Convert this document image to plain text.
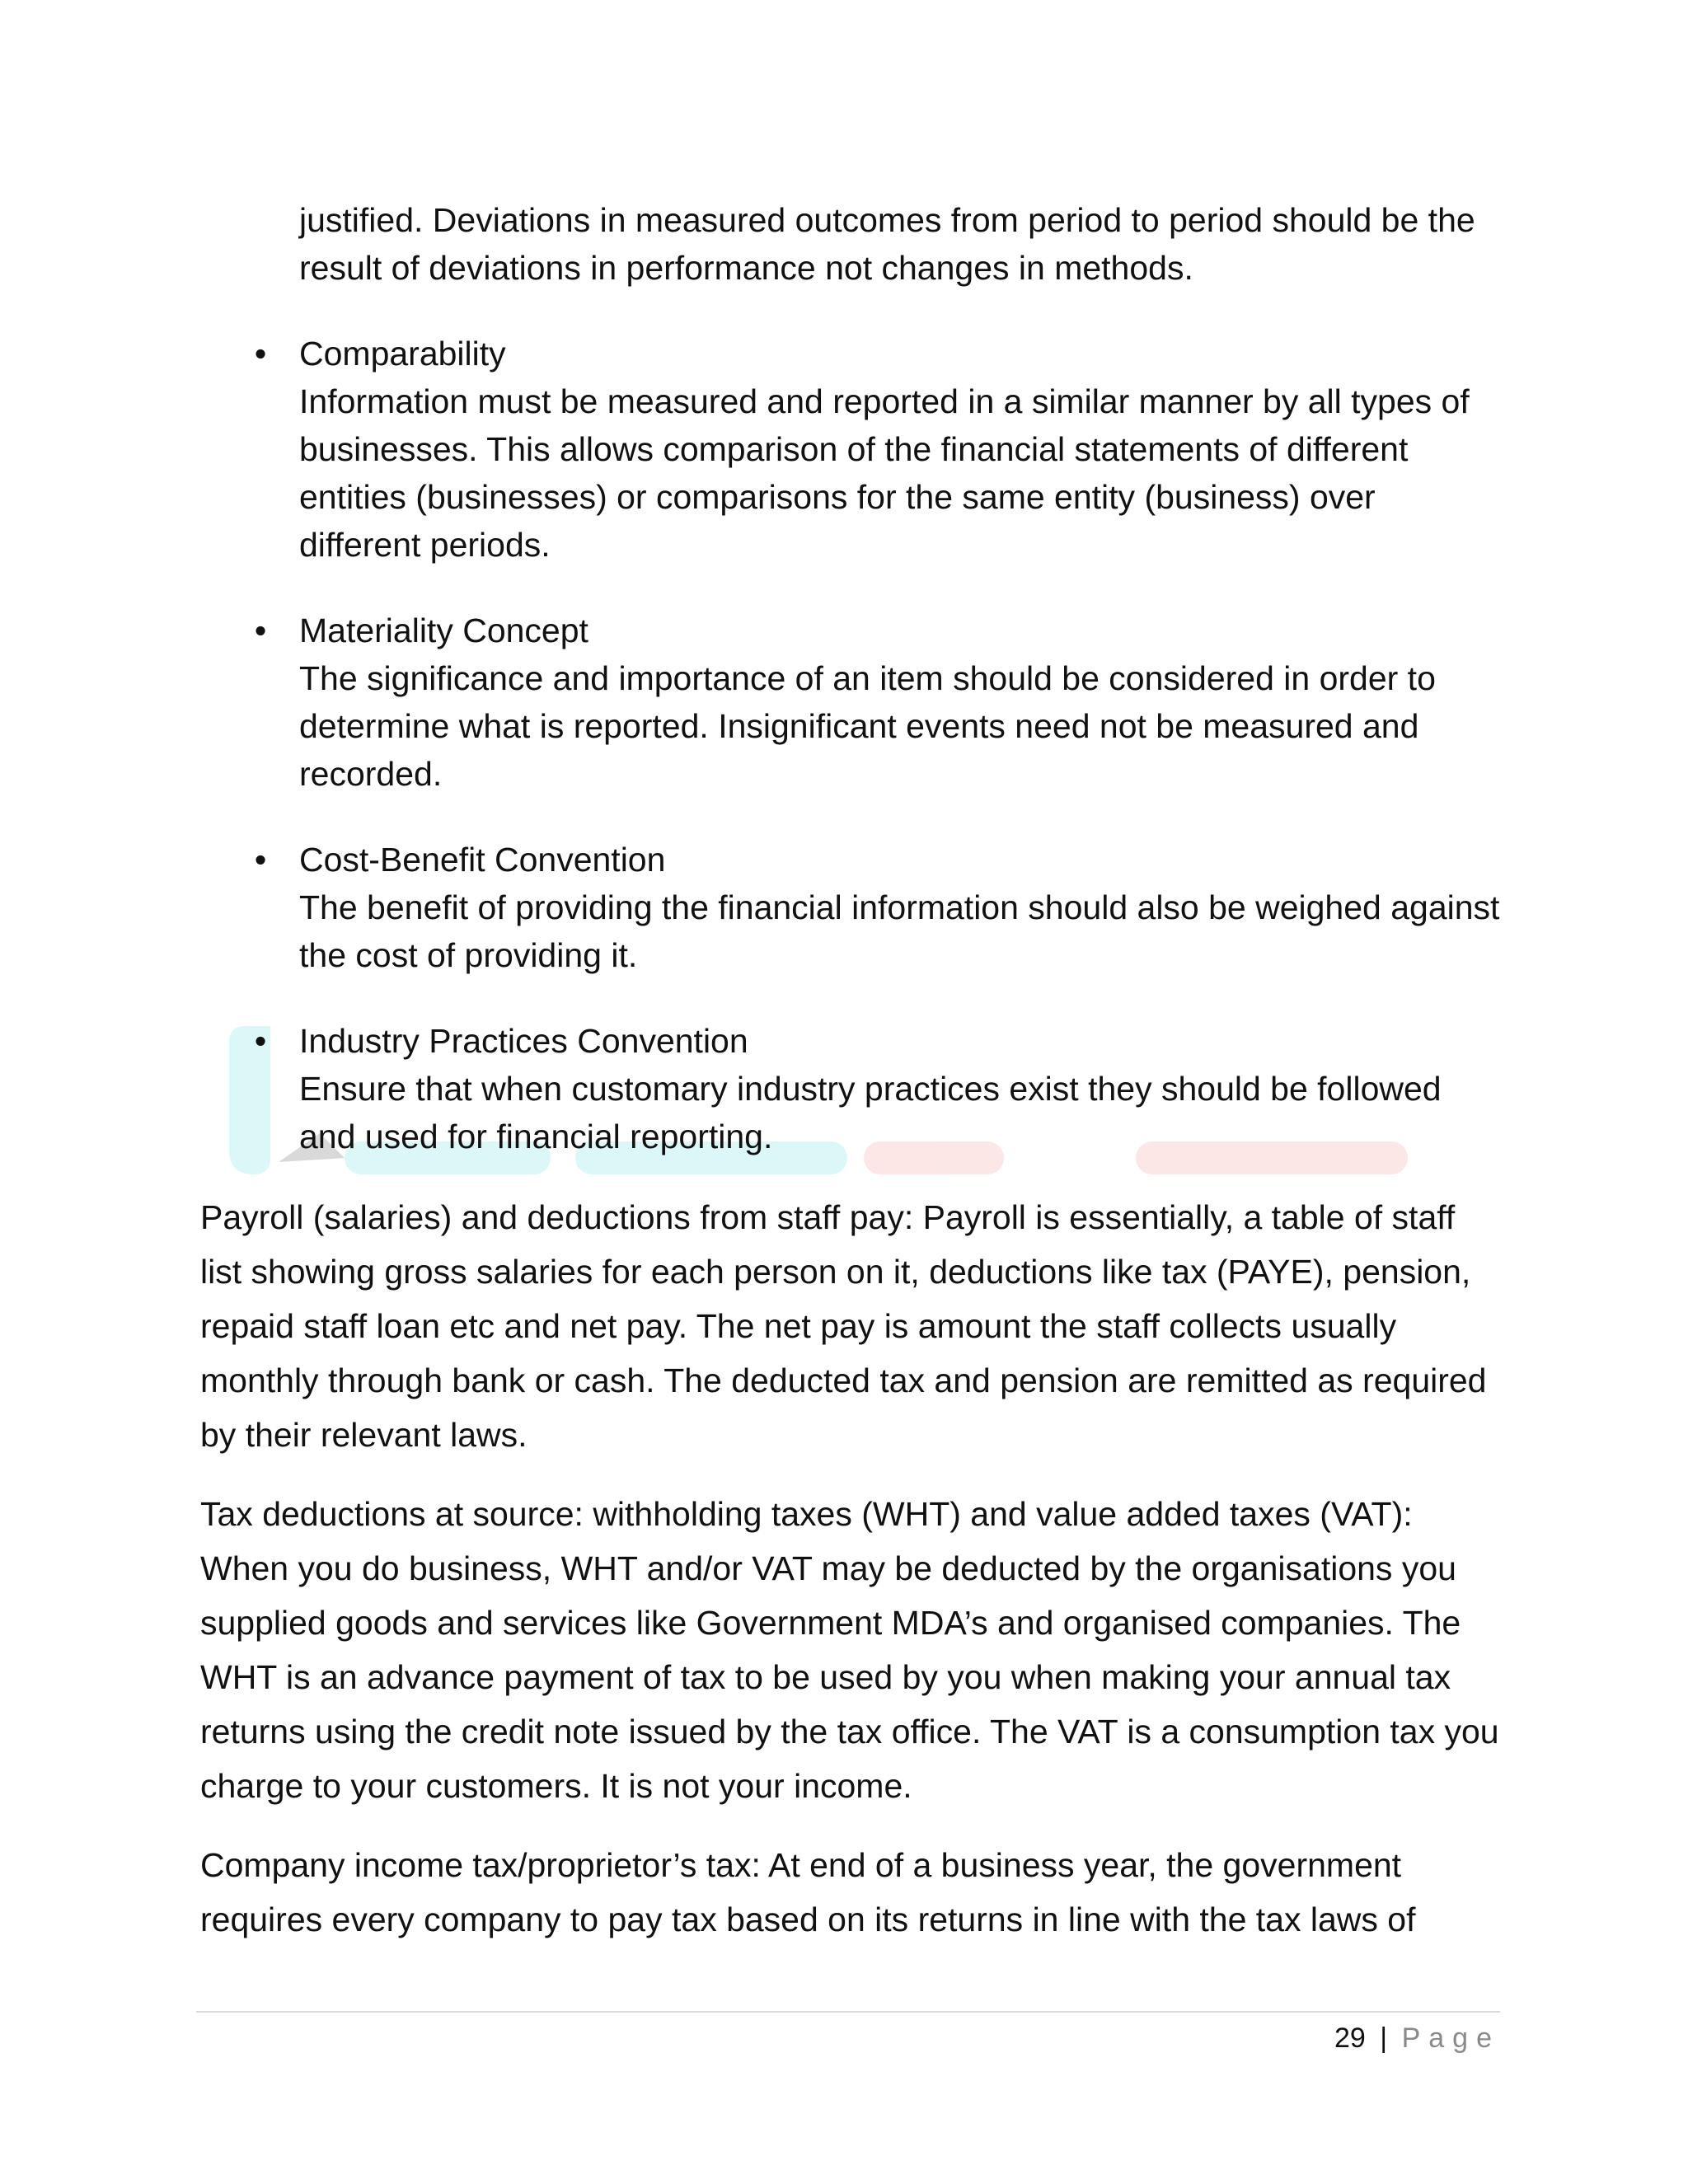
justified. Deviations in measured outcomes from period to period should be the result of deviations in performance not changes in methods.

• Comparability
Information must be measured and reported in a similar manner by all types of businesses. This allows comparison of the financial statements of different entities (businesses) or comparisons for the same entity (business) over different periods.
• Materiality Concept
The significance and importance of an item should be considered in order to determine what is reported. Insignificant events need not be measured and recorded.
• Cost-Benefit Convention
The benefit of providing the financial information should also be weighed against the cost of providing it.
• Industry Practices Convention
Ensure that when customary industry practices exist they should be followed and used for financial reporting.

Payroll (salaries) and deductions from staff pay: Payroll is essentially, a table of staff list showing gross salaries for each person on it, deductions like tax (PAYE), pension, repaid staff loan etc and net pay. The net pay is amount the staff collects usually monthly through bank or cash. The deducted tax and pension are remitted as required by their relevant laws.

Tax deductions at source: withholding taxes (WHT) and value added taxes (VAT): When you do business, WHT and/or VAT may be deducted by the organisations you supplied goods and services like Government MDA’s and organised companies. The WHT is an advance payment of tax to be used by you when making your annual tax returns using the credit note issued by the tax office. The VAT is a consumption tax you charge to your customers. It is not your income.

Company income tax/proprietor’s tax: At end of a business year, the government requires every company to pay tax based on its returns in line with the tax laws of

29 | Page
